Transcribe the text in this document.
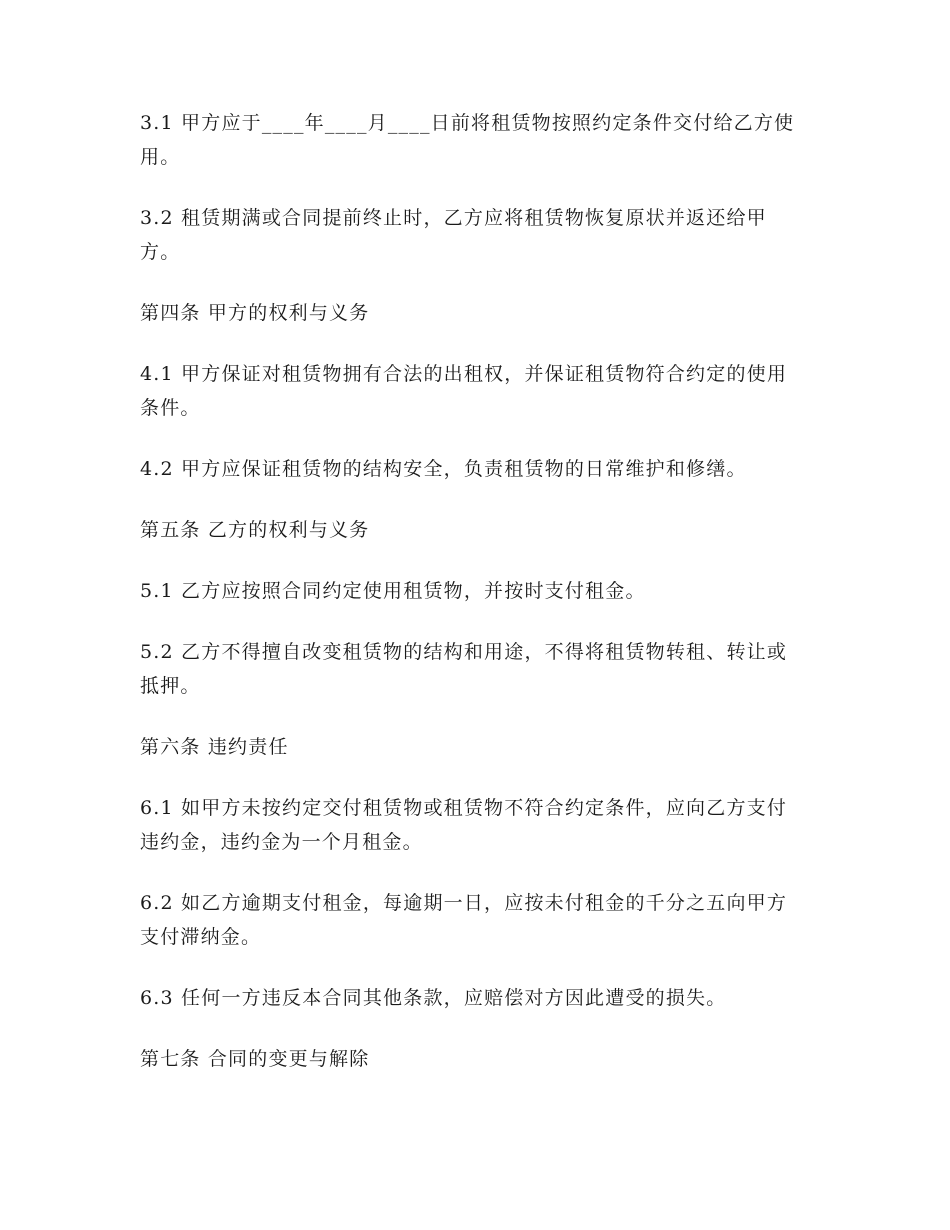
3.1 甲方应于____年____月____日前将租赁物按照约定条件交付给乙方使用。

3.2 租赁期满或合同提前终止时，乙方应将租赁物恢复原状并返还给甲方。

第四条 甲方的权利与义务

4.1 甲方保证对租赁物拥有合法的出租权，并保证租赁物符合约定的使用条件。

4.2 甲方应保证租赁物的结构安全，负责租赁物的日常维护和修缮。

第五条 乙方的权利与义务

5.1 乙方应按照合同约定使用租赁物，并按时支付租金。

5.2 乙方不得擅自改变租赁物的结构和用途，不得将租赁物转租、转让或抵押。

第六条 违约责任

6.1 如甲方未按约定交付租赁物或租赁物不符合约定条件，应向乙方支付违约金，违约金为一个月租金。

6.2 如乙方逾期支付租金，每逾期一日，应按未付租金的千分之五向甲方支付滞纳金。

6.3 任何一方违反本合同其他条款，应赔偿对方因此遭受的损失。

第七条 合同的变更与解除
